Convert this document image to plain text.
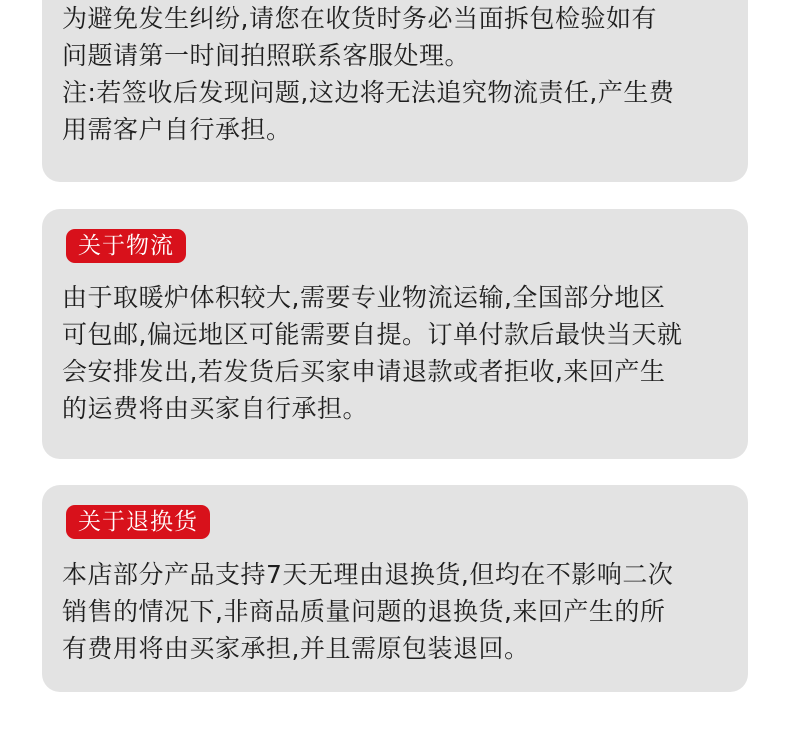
为避免发生纠纷,请您在收货时务必当面拆包检验如有
问题请第一时间拍照联系客服处理。
注:若签收后发现问题,这边将无法追究物流责任,产生费
用需客户自行承担。
关于物流
由于取暖炉体积较大,需要专业物流运输,全国部分地区
可包邮,偏远地区可能需要自提。订单付款后最快当天就
会安排发出,若发货后买家申请退款或者拒收,来回产生
的运费将由买家自行承担。
关于退换货
本店部分产品支持7天无理由退换货,但均在不影响二次
销售的情况下,非商品质量问题的退换货,来回产生的所
有费用将由买家承担,并且需原包装退回。
